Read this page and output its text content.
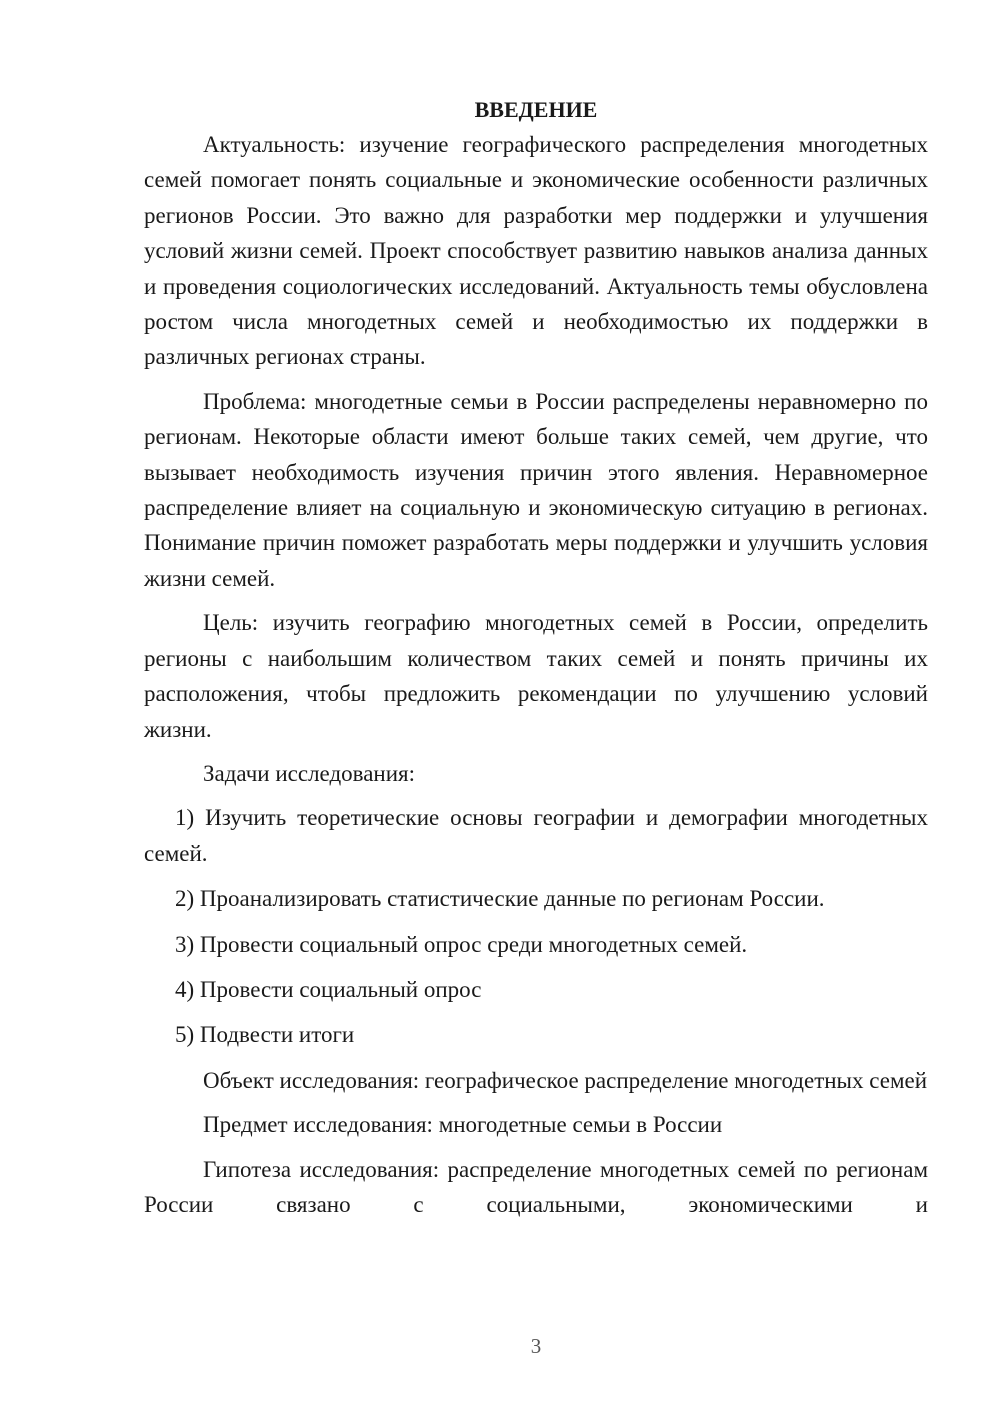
ВВЕДЕНИЕ

Актуальность: изучение географического распределения многодетных семей помогает понять социальные и экономические особенности различных регионов России. Это важно для разработки мер поддержки и улучшения условий жизни семей. Проект способствует развитию навыков анализа данных и проведения социологических исследований. Актуальность темы обусловлена ростом числа многодетных семей и необходимостью их поддержки в различных регионах страны.

Проблема: многодетные семьи в России распределены неравномерно по регионам. Некоторые области имеют больше таких семей, чем другие, что вызывает необходимость изучения причин этого явления. Неравномерное распределение влияет на социальную и экономическую ситуацию в регионах. Понимание причин поможет разработать меры поддержки и улучшить условия жизни семей.

Цель: изучить географию многодетных семей в России, определить регионы с наибольшим количеством таких семей и понять причины их расположения, чтобы предложить рекомендации по улучшению условий жизни.

Задачи исследования:

1) Изучить теоретические основы географии и демографии многодетных семей.

2) Проанализировать статистические данные по регионам России.

3) Провести социальный опрос среди многодетных семей.

4) Провести социальный опрос

5) Подвести итоги

Объект исследования: географическое распределение многодетных семей

Предмет исследования: многодетные семьи в России

Гипотеза исследования: распределение многодетных семей по регионам России связано с социальными, экономическими и

3
